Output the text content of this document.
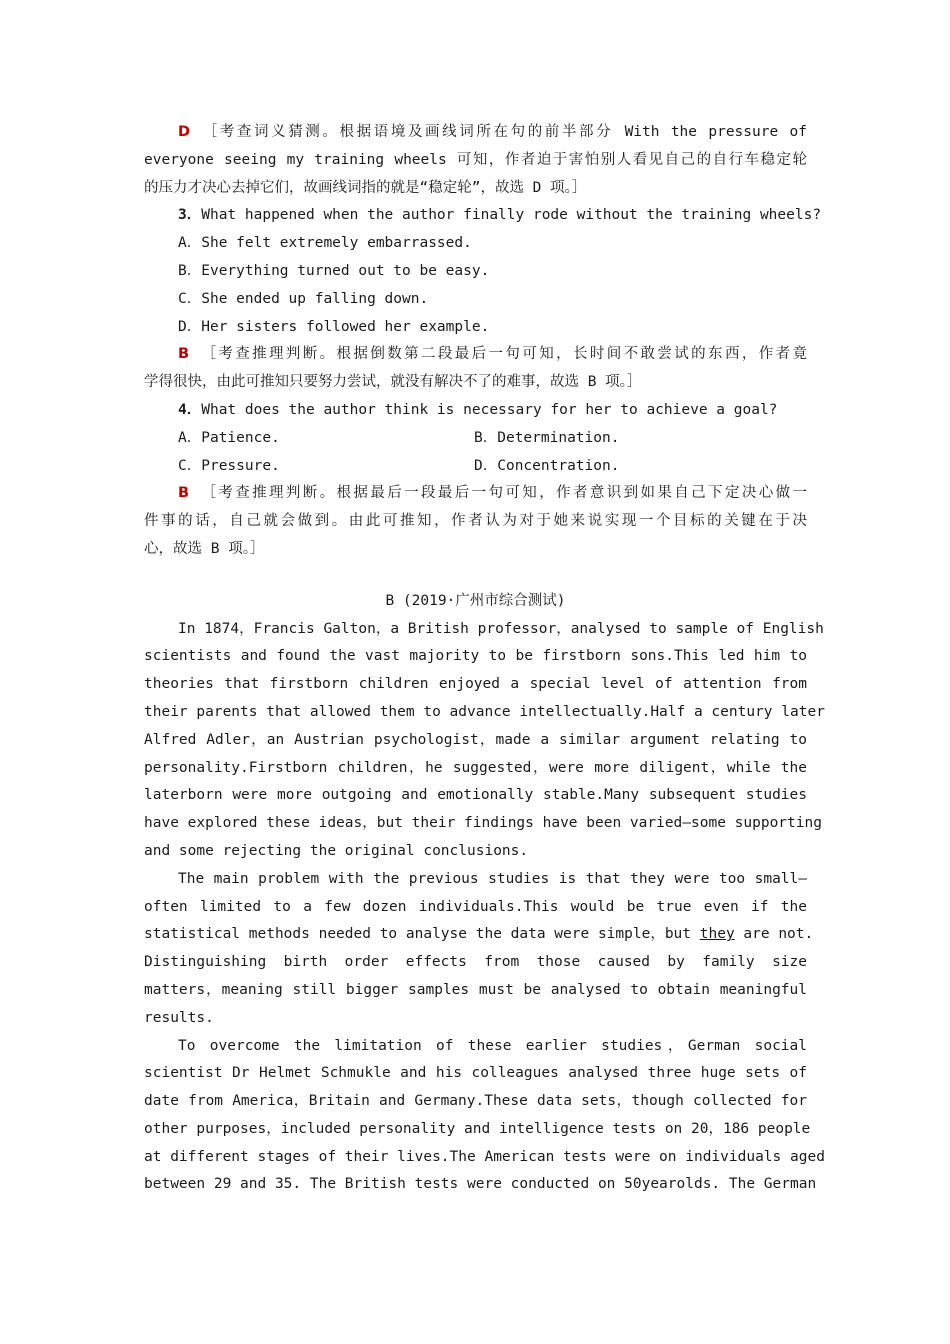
D ［考查词义猜测。根据语境及画线词所在句的前半部分 With the pressure of
everyone seeing my training wheels 可知，作者迫于害怕别人看见自己的自行车稳定轮
的压力才决心去掉它们，故画线词指的就是“稳定轮”，故选 D 项。］
3．What happened when the author finally rode without the training wheels?
A．She felt extremely embarrassed.
B．Everything turned out to be easy.
C．She ended up falling down.
D．Her sisters followed her example.
B ［考查推理判断。根据倒数第二段最后一句可知，长时间不敢尝试的东西，作者竟
学得很快，由此可推知只要努力尝试，就没有解决不了的难事，故选 B 项。］
4．What does the author think is necessary for her to achieve a goal?
A．Patience.	B．Determination.
C．Pressure.	D．Concentration.
B ［考查推理判断。根据最后一段最后一句可知，作者意识到如果自己下定决心做一
件事的话，自己就会做到。由此可推知，作者认为对于她来说实现一个目标的关键在于决
心，故选 B 项。］
B (2019·广州市综合测试)
In 1874，Francis Galton，a British professor，analysed to sample of English
scientists and found the vast majority to be firstborn sons.This led him to
theories that firstborn children enjoyed a special level of attention from
their parents that allowed them to advance intellectually.Half a century later
Alfred Adler，an Austrian psychologist，made a similar argument relating to
personality.Firstborn children，he suggested，were more diligent，while the
laterborn were more outgoing and emotionally stable.Many subsequent studies
have explored these ideas，but their findings have been varied—some supporting
and some rejecting the original conclusions.
The main problem with the previous studies is that they were too small—
often limited to a few dozen individuals.This would be true even if the
statistical methods needed to analyse the data were simple，but they are not.
Distinguishing birth order effects from those caused by family size
matters，meaning still bigger samples must be analysed to obtain meaningful
results.
To overcome the limitation of these earlier studies，German social
scientist Dr Helmet Schmukle and his colleagues analysed three huge sets of
date from America，Britain and Germany.These data sets，though collected for
other purposes，included personality and intelligence tests on 20，186 people
at different stages of their lives.The American tests were on individuals aged
between 29 and 35. The British tests were conducted on 50yearolds. The German
